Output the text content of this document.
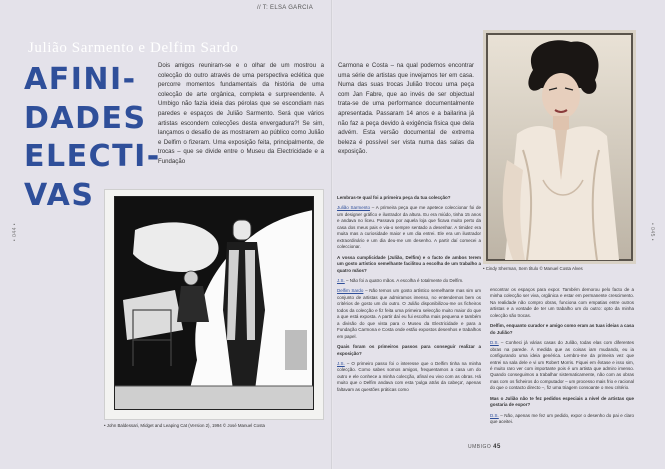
// T: ELSA GARCIA
Julião Sarmento e Delfim Sardo
AFINI-
DADES
ELECTI-
VAS
Dois amigos reuniram-se e o olhar de um mostrou a colecção do outro através de uma perspectiva eclética que percorre momentos fundamentais da história de uma colecção de arte orgânica, completa e surpreendente. A Umbigo não fazia ideia das pérolas que se escondiam nas paredes e espaços de Julião Sarmento. Será que vários artistas escondem colecções desta envergadura?! Se sim, lançamos o desafio de as mostrarem ao público como Julião e Delfim o fizeram. Uma exposição feita, principalmente, de trocas – que se divide entre o Museu da Electricidade e a Fundação
• 044 •
• John Baldessari, Midget and Leaping Cat (Version 2), 1994 © José Manuel Costa
Carmona e Costa – na qual podemos encontrar uma série de artistas que invejamos ter em casa. Numa das suas trocas Julião trocou uma peça com Jan Fabre, que ao invés de ser objectual trata-se de uma performance documentalmente apresentada. Passaram 14 anos e a bailarina já não faz a peça devido à exigência física que dela advém. Esta versão documental de extrema beleza é possível ser vista numa das salas da exposição.
• 045 •
• Cindy Sherman, Sem título © Manuel Costa Alves

Lembras-te qual foi a primeira peça da tua colecção?

Julião Sarmento – A primeira peça que me apetece coleccionar foi de um designer gráfico e ilustrador da altura. Eu era miúdo, tinha 15 anos e andava no liceu. Passava por aquela loja que ficava muito perto da casa dos meus pais e via-o sempre sentado a desenhar. A timidez era muita mas a curiosidade maior e um dia entrei. Ele era um ilustrador extraordinário e um dia deu-me um desenho. A partir daí comecei a coleccionar.

A vossa cumplicidade (Julião, Delfim) e o facto de ambos terem um gosto artístico semelhante facilitou a escolha de um trabalho a quatro mãos?

J.S. – Não foi a quatro mãos. A escolha é totalmente do Delfim.

Delfim Sardo – Não temos um gosto artístico semelhante mas sim um conjunto de artistas que admiramos imenso, no entendemos bem os critérios de gosto um do outro. O Julião disponibilizou-me os ficheiros todos da colecção e fiz feita uma primeira selecção muito maior do que a que está exposta. A partir daí eu fui escolha mais pequena e também a divisão do que vista para o Museu da Electricidade e para a Fundação Carmona e Costa onde estão expostos desenhos e trabalhos em papel.

Quais foram os primeiros passos para conseguir realizar a exposição?

J.S. – O primeiro passo foi o interesse que o Delfim tinha na minha colecção. Como sabes somos amigos, frequentamos a casa um do outro e ele conhece a minha colecção, afinal eu vivo com as obras. Há muito que o Delfim andava com esta 'pulga atrás da cabeça', apenas faltavam as questões práticas como

encontrar os espaços para expor. Também demorou pelo facto de a minha colecção ser viva, orgânica e estar em permanente crescimento. Na realidade não compro obras, funciona com empatias entre outros artistas e a vontade de ter um trabalho um do outro: opto da minha colecção são trocas.

Delfim, enquanto curador e amigo como eram as tuas ideias a casa do Julião?

D.S. – Conheci já várias casas do Julião, todas elas com diferentes obras na parede. À medida que as coisas iam mudando, eu ia configurando uma ideia genérica. Lembro-me da primeira vez que entrei na sala dele e vi um Robert Morris. Fiquei em êxtase e isso sim, é muito raro ver com importante pois é um artista que admiro imenso. Quando conseguimos a trabalhar sistematicamente, não com as obras mas com os ficheiros do computador – um processo mais frio e racional do que o contacto directo –, fiz uma triagem consoante o meu critério.

Mas o Julião não te fez pedidos especiais a nível de artistas que gostaria de expor?

D.S. – Não, apenas me fez um pedido, expor o desenho do pai e claro que aceitei.

UMBIGO 45
